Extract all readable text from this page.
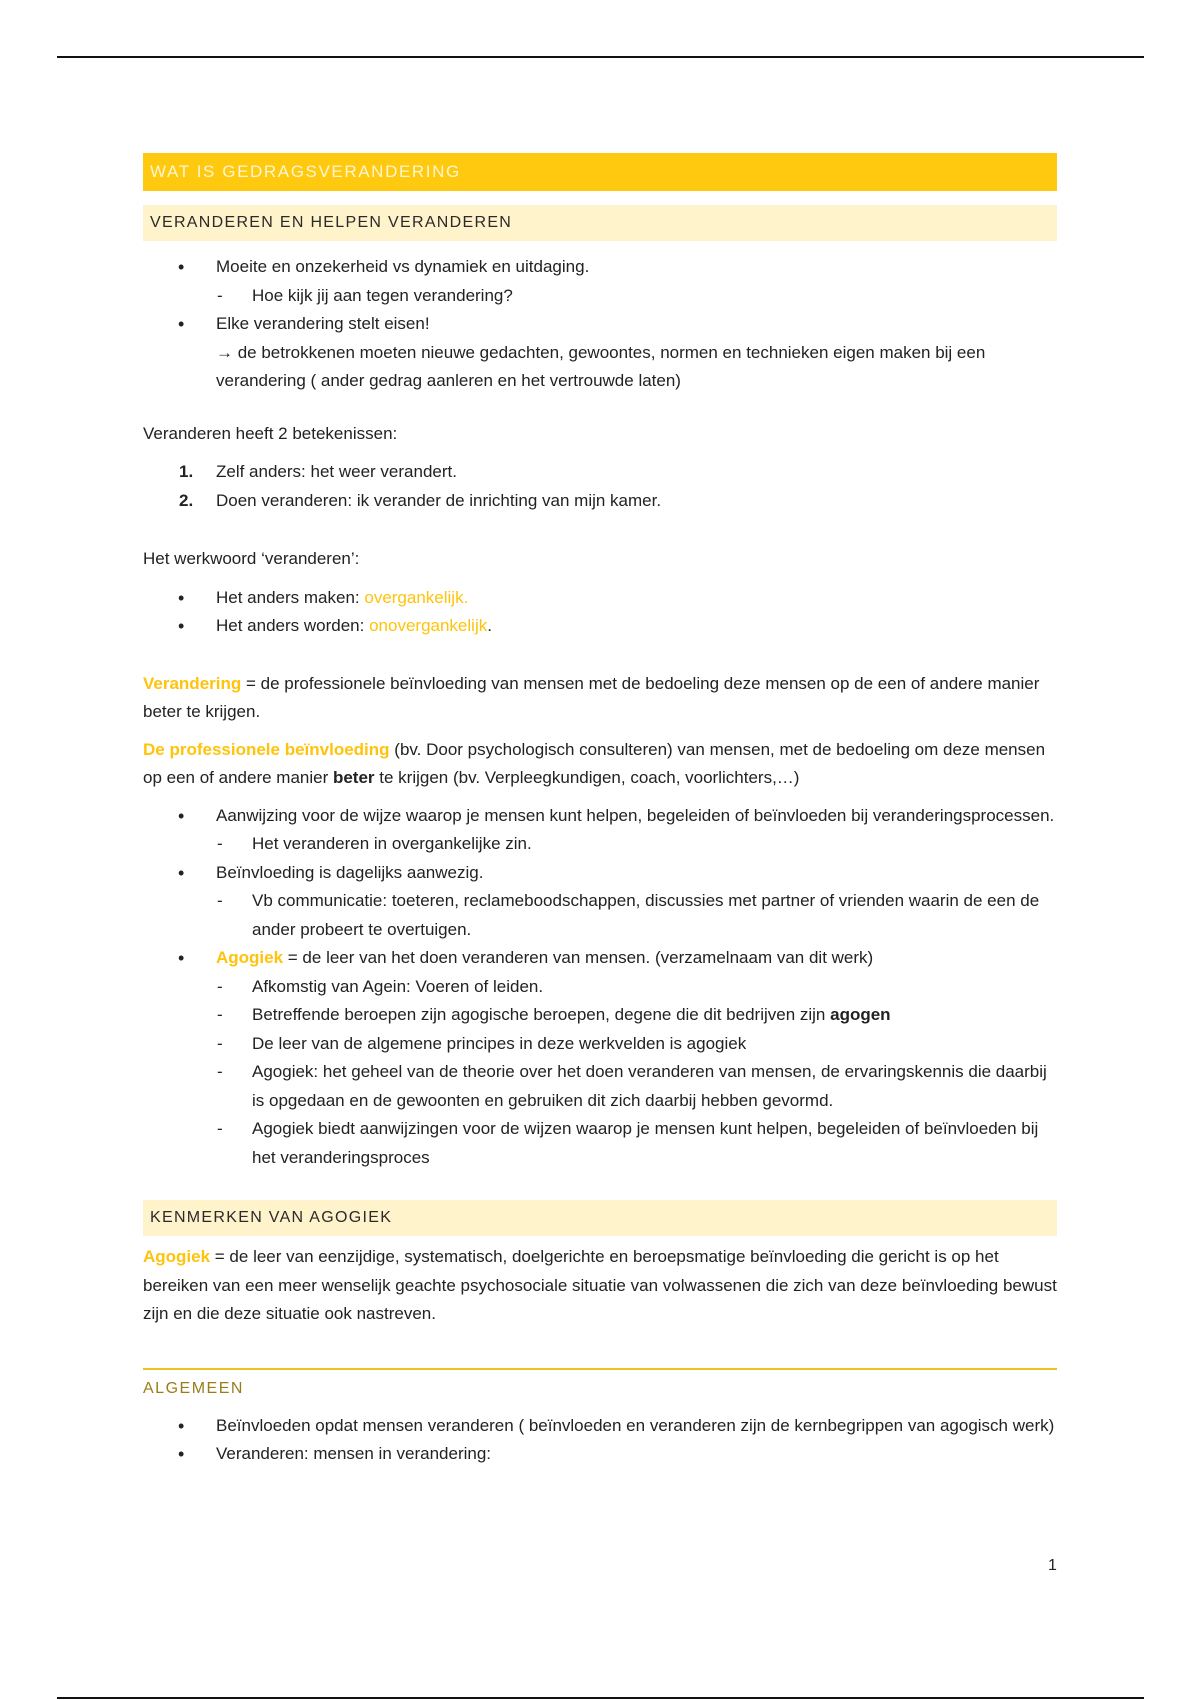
WAT IS GEDRAGSVERANDERING
VERANDEREN EN HELPEN VERANDEREN
• Moeite en onzekerheid vs dynamiek en uitdaging.
- Hoe kijk jij aan tegen verandering?
• Elke verandering stelt eisen!
→ de betrokkenen moeten nieuwe gedachten, gewoontes, normen en technieken eigen maken bij een verandering ( ander gedrag aanleren en het vertrouwde laten)

Veranderen heeft 2 betekenissen:

1. Zelf anders: het weer verandert.
2. Doen veranderen: ik verander de inrichting van mijn kamer.

Het werkwoord ‘veranderen’:

• Het anders maken: overgankelijk.
• Het anders worden: onovergankelijk.

Verandering = de professionele beïnvloeding van mensen met de bedoeling deze mensen op de een of andere manier beter te krijgen.

De professionele beïnvloeding (bv. Door psychologisch consulteren) van mensen, met de bedoeling om deze mensen op een of andere manier beter te krijgen (bv. Verpleegkundigen, coach, voorlichters,…)

• Aanwijzing voor de wijze waarop je mensen kunt helpen, begeleiden of beïnvloeden bij veranderingsprocessen.
- Het veranderen in overgankelijke zin.
• Beïnvloeding is dagelijks aanwezig.
- Vb communicatie: toeteren, reclameboodschappen, discussies met partner of vrienden waarin de een de ander probeert te overtuigen.
• Agogiek = de leer van het doen veranderen van mensen. (verzamelnaam van dit werk)
- Afkomstig van Agein: Voeren of leiden.
- Betreffende beroepen zijn agogische beroepen, degene die dit bedrijven zijn agogen
- De leer van de algemene principes in deze werkvelden is agogiek
- Agogiek: het geheel van de theorie over het doen veranderen van mensen, de ervaringskennis die daarbij is opgedaan en de gewoonten en gebruiken dit zich daarbij hebben gevormd.
- Agogiek biedt aanwijzingen voor de wijzen waarop je mensen kunt helpen, begeleiden of beïnvloeden bij het veranderingsproces
KENMERKEN VAN AGOGIEK

Agogiek = de leer van eenzijdige, systematisch, doelgerichte en beroepsmatige beïnvloeding die gericht is op het bereiken van een meer wenselijk geachte psychosociale situatie van volwassenen die zich van deze beïnvloeding bewust zijn en die deze situatie ook nastreven.

ALGEMEEN
• Beïnvloeden opdat mensen veranderen ( beïnvloeden en veranderen zijn de kernbegrippen van agogisch werk)
• Veranderen: mensen in verandering:
1
